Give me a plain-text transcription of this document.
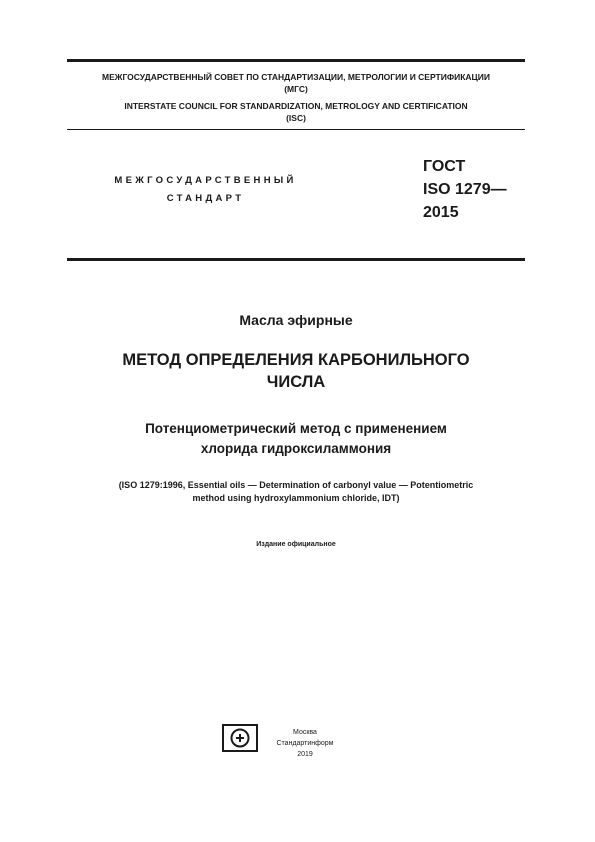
МЕЖГОСУДАРСТВЕННЫЙ СОВЕТ ПО СТАНДАРТИЗАЦИИ, МЕТРОЛОГИИ И СЕРТИФИКАЦИИ
(МГС)
INTERSTATE COUNCIL FOR STANDARDIZATION, METROLOGY AND CERTIFICATION
(ISC)
МЕЖГОСУДАРСТВЕННЫЙ
СТАНДАРТ
ГОСТ
ISO 1279—
2015
Масла эфирные
МЕТОД ОПРЕДЕЛЕНИЯ КАРБОНИЛЬНОГО
ЧИСЛА
Потенциометрический метод с применением
хлорида гидроксиламмония
(ISO 1279:1996, Essential oils — Determination of carbonyl value — Potentiometric
method using hydroxylammonium chloride, IDT)
Издание официальное
Москва
Стандартинформ
2019
